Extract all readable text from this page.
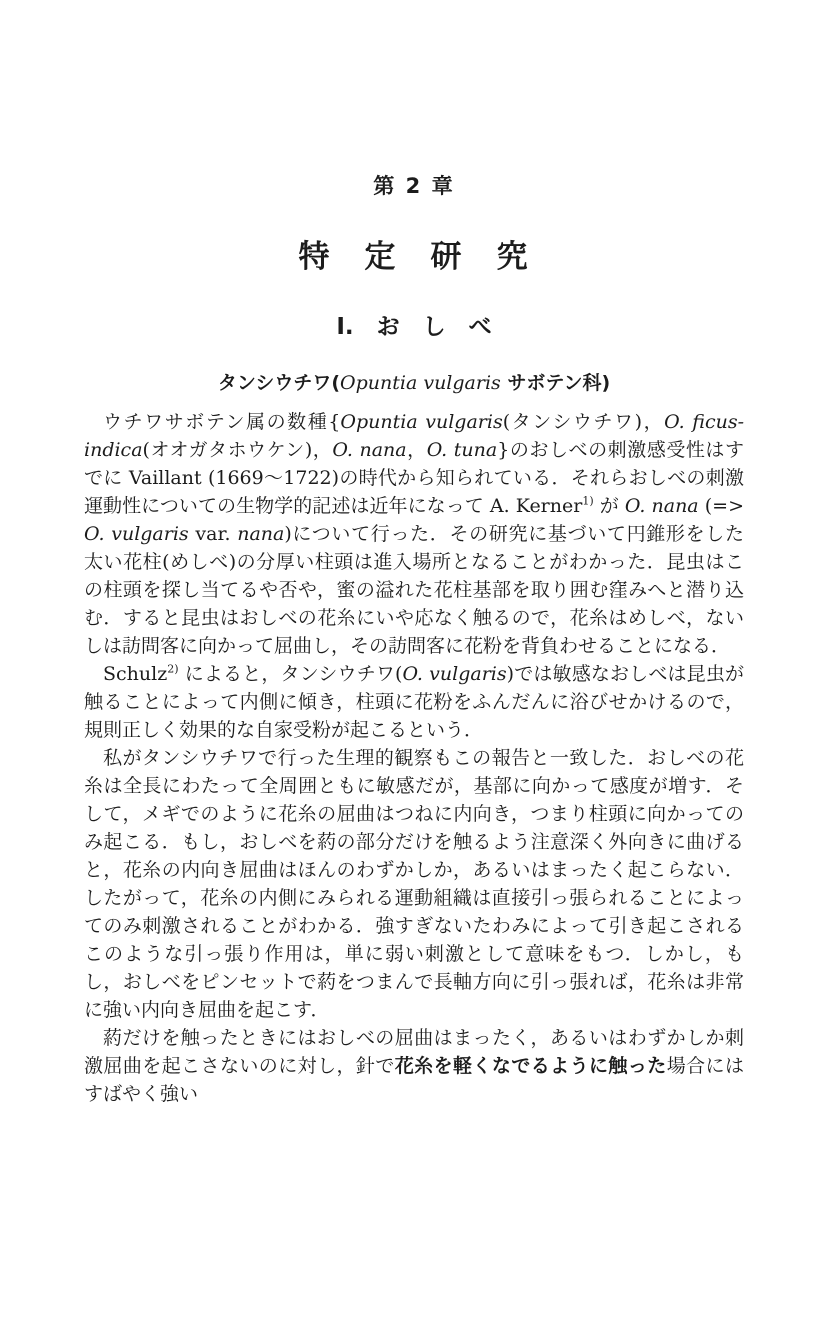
第 2 章
特　定　研　究
Ⅰ.　お　し　べ
タンシウチワ(Opuntia vulgaris サボテン科)

ウチワサボテン属の数種{Opuntia vulgaris(タンシウチワ)，O. ficus-indica(オオガタホウケン)，O. nana，O. tuna}のおしべの刺激感受性はすでに Vaillant (1669〜1722)の時代から知られている．それらおしべの刺激運動性についての生物学的記述は近年になって A. Kerner$^{1)}$ が O. nana (=> O. vulgaris var. nana)について行った．その研究に基づいて円錐形をした太い花柱(めしべ)の分厚い柱頭は進入場所となることがわかった．昆虫はこの柱頭を探し当てるや否や，蜜の溢れた花柱基部を取り囲む窪みへと潜り込む．すると昆虫はおしべの花糸にいや応なく触るので，花糸はめしべ，ないしは訪問客に向かって屈曲し，その訪問客に花粉を背負わせることになる．

Schulz$^{2)}$ によると，タンシウチワ(O. vulgaris)では敏感なおしべは昆虫が触ることによって内側に傾き，柱頭に花粉をふんだんに浴びせかけるので，規則正しく効果的な自家受粉が起こるという．

私がタンシウチワで行った生理的観察もこの報告と一致した．おしべの花糸は全長にわたって全周囲ともに敏感だが，基部に向かって感度が増す．そして，メギでのように花糸の屈曲はつねに内向き，つまり柱頭に向かってのみ起こる．もし，おしべを葯の部分だけを触るよう注意深く外向きに曲げると，花糸の内向き屈曲はほんのわずかしか，あるいはまったく起こらない．したがって，花糸の内側にみられる運動組織は直接引っ張られることによってのみ刺激されることがわかる．強すぎないたわみによって引き起こされるこのような引っ張り作用は，単に弱い刺激として意味をもつ．しかし，もし，おしべをピンセットで葯をつまんで長軸方向に引っ張れば，花糸は非常に強い内向き屈曲を起こす．

葯だけを触ったときにはおしべの屈曲はまったく，あるいはわずかしか刺激屈曲を起こさないのに対し，針で花糸を軽くなでるように触った場合にはすばやく強い
